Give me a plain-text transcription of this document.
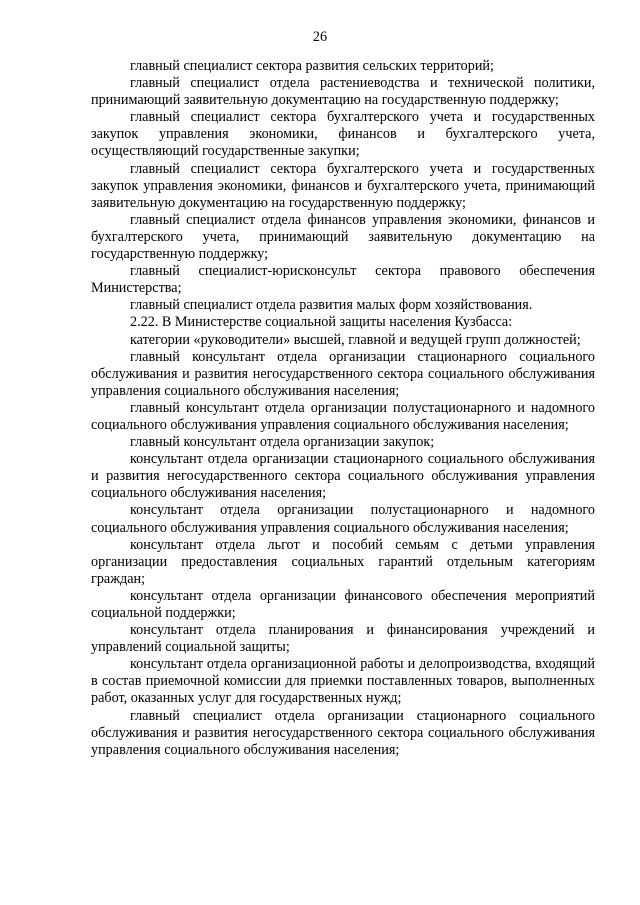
26

главный специалист сектора развития сельских территорий;

главный специалист отдела растениеводства и технической политики, принимающий заявительную документацию на государственную поддержку;

главный специалист сектора бухгалтерского учета и государственных закупок управления экономики, финансов и бухгалтерского учета, осуществляющий государственные закупки;

главный специалист сектора бухгалтерского учета и государственных закупок управления экономики, финансов и бухгалтерского учета, принимающий заявительную документацию на государственную поддержку;

главный специалист отдела финансов управления экономики, финансов и бухгалтерского учета, принимающий заявительную документацию на государственную поддержку;

главный специалист-юрисконсульт сектора правового обеспечения Министерства;

главный специалист отдела развития малых форм хозяйствования.

2.22. В Министерстве социальной защиты населения Кузбасса:

категории «руководители» высшей, главной и ведущей групп должностей;

главный консультант отдела организации стационарного социального обслуживания и развития негосударственного сектора социального обслуживания управления социального обслуживания населения;

главный консультант отдела организации полустационарного и надомного социального обслуживания управления социального обслуживания населения;

главный консультант отдела организации закупок;

консультант отдела организации стационарного социального обслуживания и развития негосударственного сектора социального обслуживания управления социального обслуживания населения;

консультант отдела организации полустационарного и надомного социального обслуживания управления социального обслуживания населения;

консультант отдела льгот и пособий семьям с детьми управления организации предоставления социальных гарантий отдельным категориям граждан;

консультант отдела организации финансового обеспечения мероприятий социальной поддержки;

консультант отдела планирования и финансирования учреждений и управлений социальной защиты;

консультант отдела организационной работы и делопроизводства, входящий в состав приемочной комиссии для приемки поставленных товаров, выполненных работ, оказанных услуг для государственных нужд;

главный специалист отдела организации стационарного социального обслуживания и развития негосударственного сектора социального обслуживания управления социального обслуживания населения;
